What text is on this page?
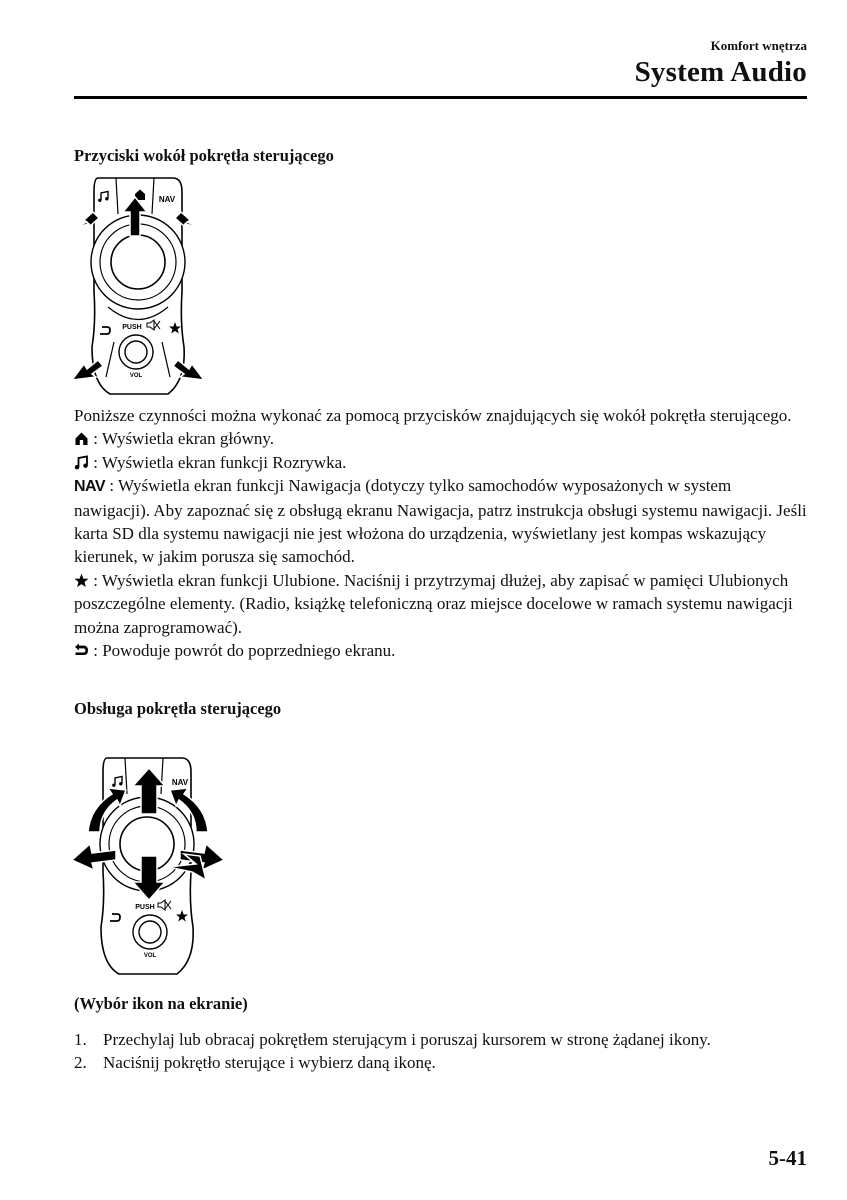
Komfort wnętrza
System Audio
Przyciski wokół pokrętła sterującego
NAV
PUSH
VOL

Poniższe czynności można wykonać za pomocą przycisków znajdujących się wokół pokrętła sterującego.

: Wyświetla ekran główny.

: Wyświetla ekran funkcji Rozrywka.

NAV : Wyświetla ekran funkcji Nawigacja (dotyczy tylko samochodów wyposażonych w system nawigacji). Aby zapoznać się z obsługą ekranu Nawigacja, patrz instrukcja obsługi systemu nawigacji. Jeśli karta SD dla systemu nawigacji nie jest włożona do urządzenia, wyświetlany jest kompas wskazujący kierunek, w jakim porusza się samochód.

: Wyświetla ekran funkcji Ulubione. Naciśnij i przytrzymaj dłużej, aby zapisać w pamięci Ulubionych poszczególne elementy. (Radio, książkę telefoniczną oraz miejsce docelowe w ramach systemu nawigacji można zaprogramować).

: Powoduje powrót do poprzedniego ekranu.

Obsługa pokrętła sterującego
NAV
PUSH
VOL
(Wybór ikon na ekranie)
1. Przechylaj lub obracaj pokrętłem sterującym i poruszaj kursorem w stronę żądanej ikony.
2. Naciśnij pokrętło sterujące i wybierz daną ikonę.
5-41
